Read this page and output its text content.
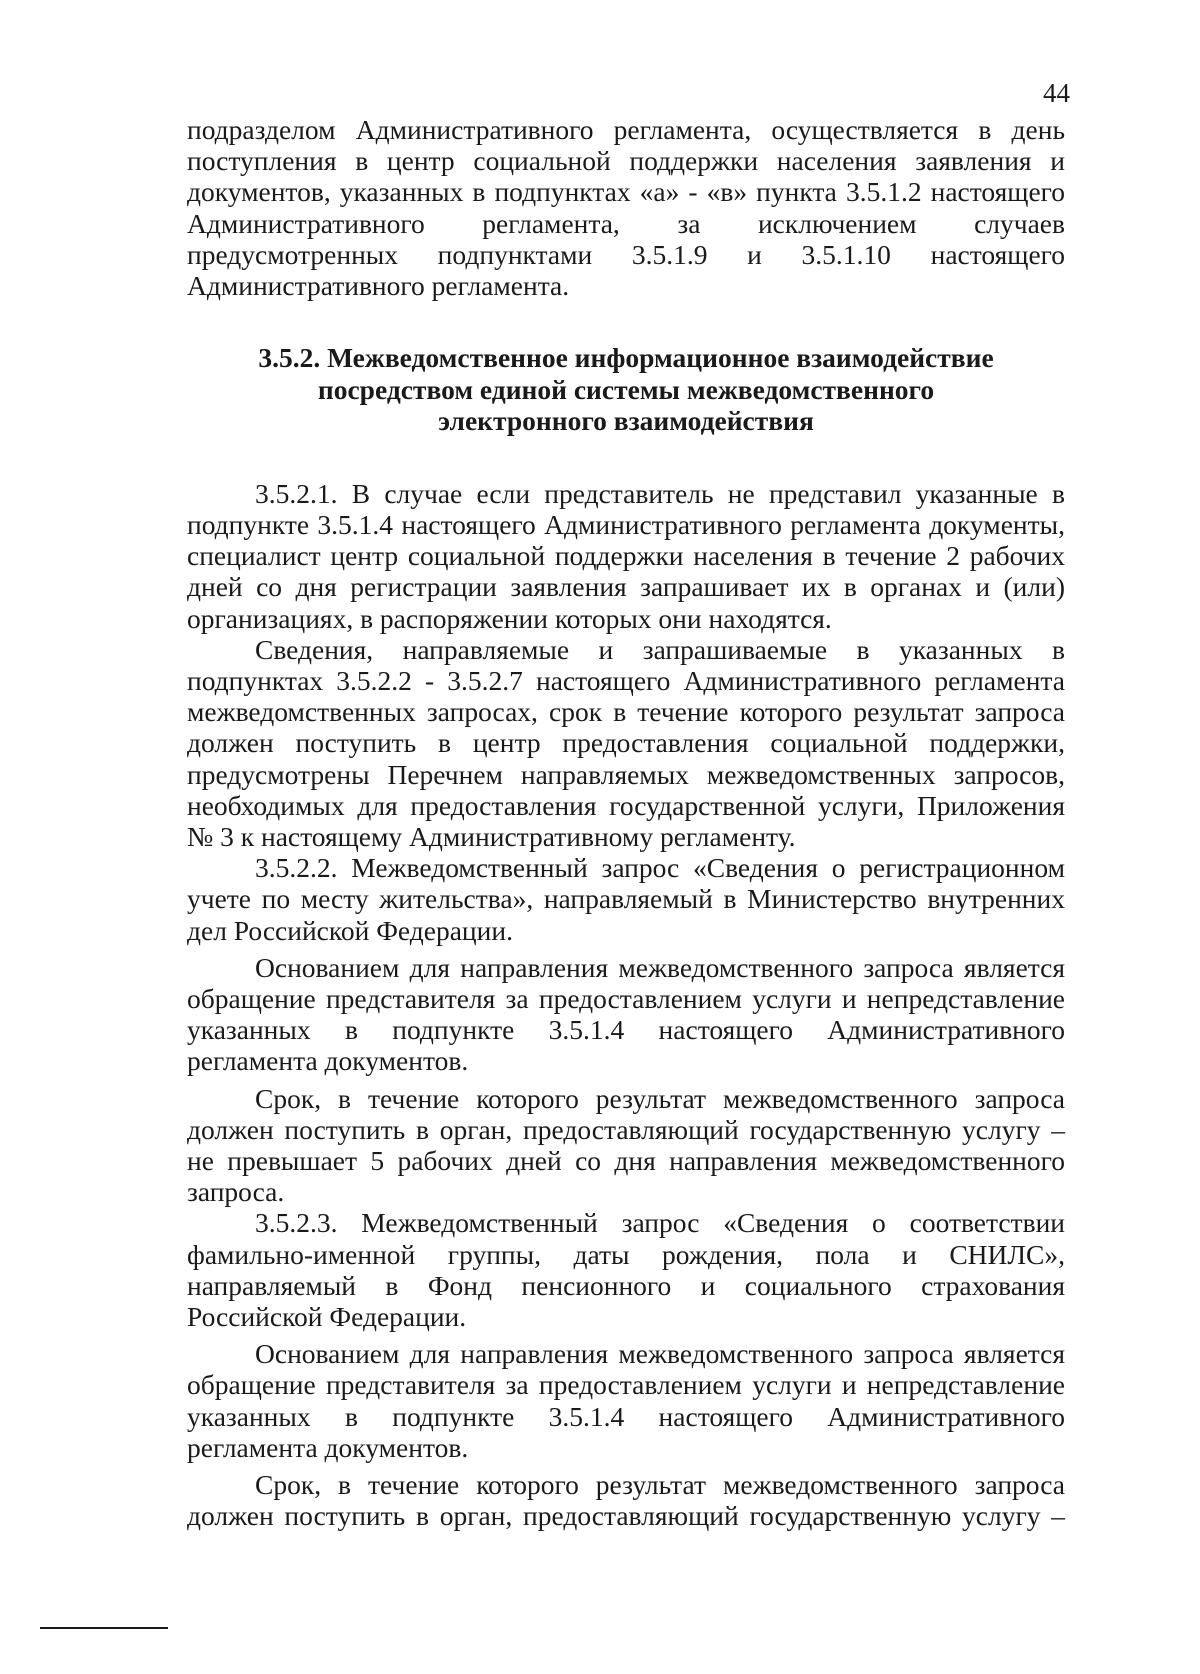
44

подразделом Административного регламента, осуществляется в день поступления в центр социальной поддержки населения заявления и документов, указанных в подпунктах «а» - «в» пункта 3.5.1.2 настоящего Административного регламента, за исключением случаев предусмотренных подпунктами 3.5.1.9 и 3.5.1.10 настоящего Административного регламента.

3.5.2. Межведомственное информационное взаимодействие
посредством единой системы межведомственного
электронного взаимодействия

3.5.2.1. В случае если представитель не представил указанные в подпункте 3.5.1.4 настоящего Административного регламента документы, специалист центр социальной поддержки населения в течение 2 рабочих дней со дня регистрации заявления запрашивает их в органах и (или) организациях, в распоряжении которых они находятся.

Сведения, направляемые и запрашиваемые в указанных в подпунктах 3.5.2.2 - 3.5.2.7 настоящего Административного регламента межведомственных запросах, срок в течение которого результат запроса должен поступить в центр предоставления социальной поддержки, предусмотрены Перечнем направляемых межведомственных запросов, необходимых для предоставления государственной услуги, Приложения № 3 к настоящему Административному регламенту.

3.5.2.2. Межведомственный запрос «Сведения о регистрационном учете по месту жительства», направляемый в Министерство внутренних дел Российской Федерации.

Основанием для направления межведомственного запроса является обращение представителя за предоставлением услуги и непредставление указанных в подпункте 3.5.1.4 настоящего Административного регламента документов.

Срок, в течение которого результат межведомственного запроса должен поступить в орган, предоставляющий государственную услугу – не превышает 5 рабочих дней со дня направления межведомственного запроса.

3.5.2.3. Межведомственный запрос «Сведения о соответствии фамильно-именной группы, даты рождения, пола и СНИЛС», направляемый в Фонд пенсионного и социального страхования Российской Федерации.

Основанием для направления межведомственного запроса является обращение представителя за предоставлением услуги и непредставление указанных в подпункте 3.5.1.4 настоящего Административного регламента документов.

Срок, в течение которого результат межведомственного запроса должен поступить в орган, предоставляющий государственную услугу –
